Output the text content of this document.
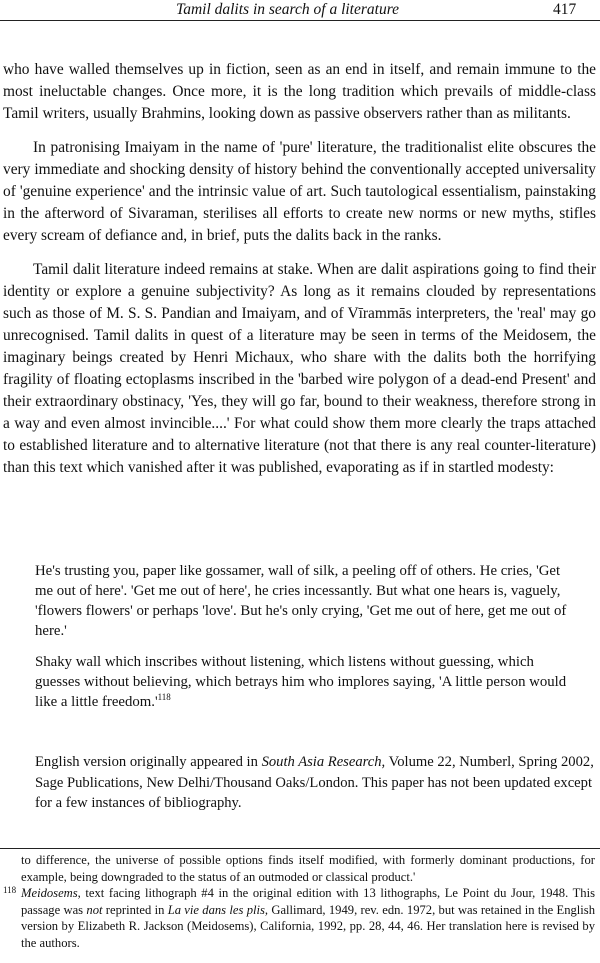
Tamil dalits in search of a literature	417

who have walled themselves up in fiction, seen as an end in itself, and remain immune to the most ineluctable changes. Once more, it is the long tradition which prevails of middle-class Tamil writers, usually Brahmins, looking down as passive observers rather than as militants.

In patronising Imaiyam in the name of 'pure' literature, the traditionalist elite obscures the very immediate and shocking density of history behind the conventionally accepted universality of 'genuine experience' and the intrinsic value of art. Such tautological essentialism, painstaking in the afterword of Sivaraman, sterilises all efforts to create new norms or new myths, stifles every scream of defiance and, in brief, puts the dalits back in the ranks.

Tamil dalit literature indeed remains at stake. When are dalit aspirations going to find their identity or explore a genuine subjectivity? As long as it remains clouded by representations such as those of M. S. S. Pandian and Imaiyam, and of Vīrammās interpreters, the 'real' may go unrecognised. Tamil dalits in quest of a literature may be seen in terms of the Meidosem, the imaginary beings created by Henri Michaux, who share with the dalits both the horrifying fragility of floating ectoplasms inscribed in the 'barbed wire polygon of a dead-end Present' and their extraordinary obstinacy, 'Yes, they will go far, bound to their weakness, therefore strong in a way and even almost invincible....' For what could show them more clearly the traps attached to established literature and to alternative literature (not that there is any real counter-literature) than this text which vanished after it was published, evaporating as if in startled modesty:

He's trusting you, paper like gossamer, wall of silk, a peeling off of others. He cries, 'Get me out of here'. 'Get me out of here', he cries incessantly. But what one hears is, vaguely, 'flowers flowers' or perhaps 'love'. But he's only crying, 'Get me out of here, get me out of here.'

Shaky wall which inscribes without listening, which listens without guessing, which guesses without believing, which betrays him who implores saying, 'A little person would like a little $freedom.'^{118}$

English version originally appeared in South Asia Research, Volume 22, Numberl, Spring 2002, Sage Publications, New Delhi/Thousand Oaks/London. This paper has not been updated except for a few instances of bibliography.

to difference, the universe of possible options finds itself modified, with formerly dominant productions, for example, being downgraded to the status of an outmoded or classical product.'

118 Meidosems, text facing lithograph #4 in the original edition with 13 lithographs, Le Point du Jour, 1948. This passage was not reprinted in La vie dans les plis, Gallimard, 1949, rev. edn. 1972, but was retained in the English version by Elizabeth R. Jackson (Meidosems), California, 1992, pp. 28, 44, 46. Her translation here is revised by the authors.
